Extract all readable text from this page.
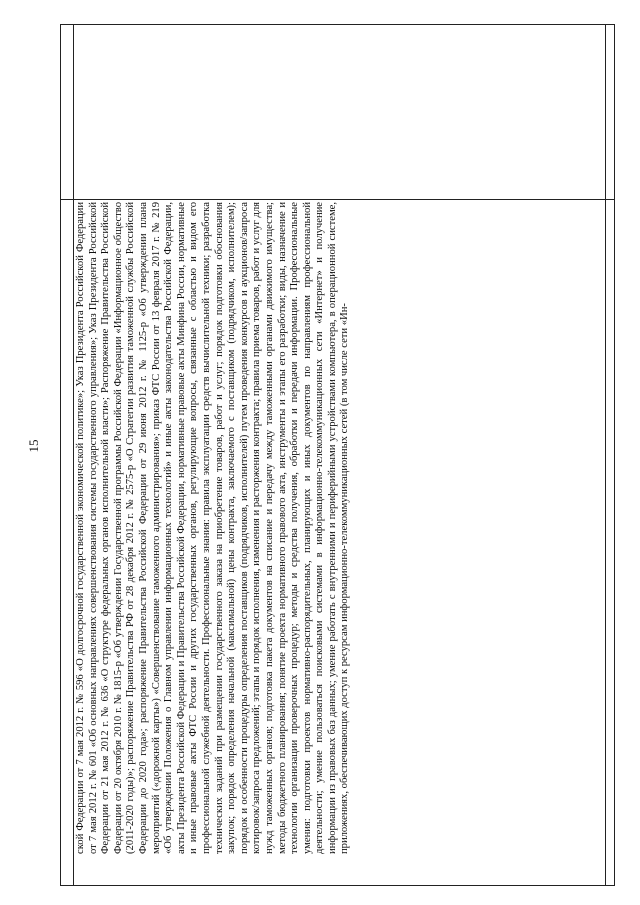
15	ской Федерации от 7 мая 2012 г. № 596 «О долгосрочной государственной экономической политике»; Указ Президента Российской Федерации от 7 мая 2012 г. № 601 «Об основных направлениях совершенствования системы государственного управления»; Указ Президента Российской Федерации от 21 мая 2012 г. № 636 «О структуре федеральных органов исполнительной власти»; Распоряжение Правительства Российской Федерации от 20 октября 2010 г. № 1815-р «Об утверждении Государственной программы Российской Федерации «Информационное общество (2011-2020 годы)»; распоряжение Правительства РФ от 28 декабря 2012 г. № 2575-р «О Стратегии развития таможенной службы Российской Федерации до 2020 года»; распоряжение Правительства Российской Федерации от 29 июня 2012 г. № 1125-р «Об утверждении плана мероприятий («дорожной карты») «Совершенствование таможенного администрирования»; приказ ФТС России от 13 февраля 2017 г. № 219 «Об утверждении Положения о Главном управлении информационных технологий» и иные акты законодательства Российской Федерации, акты Президента Российской Федерации и Правительства Российской Федерации, нормативные правовые акты Минфина России, нормативные и иные правовые акты ФТС России и других государственных органов, регулирующие вопросы, связанные с областью и видом его профессиональной служебной деятельности. Профессиональные знания: правила эксплуатации средств вычислительной техники; разработка технических заданий при размещении государственного заказа на приобретение товаров, работ и услуг; порядок подготовки обоснования закупок; порядок определения начальной (максимальной) цены контракта, заключаемого с поставщиком (подрядчиком, исполнителем); порядок и особенности процедуры определения поставщиков (подрядчиков, исполнителей) путем проведения конкурсов и аукционов/запроса котировок/запроса предложений; этапы и порядок исполнения, изменения и расторжения контракта; правила приема товаров, работ и услуг для нужд таможенных органов; подготовка пакета документов на списание и передачу между таможенными органами движимого имущества; методы бюджетного планирования; понятие проекта нормативного правового акта, инструменты и этапы его разработки; виды, назначение и технологии организации проверочных процедур; методы и средства получения, обработки и передачи информации. Профессиональные умения: подготовки проектов нормативно-распорядительных, планирующих и иных документов по направлениям профессиональной деятельности; умение пользоваться поисковыми системами в информационно-телекоммуникационных сети «Интернет» и получение информации из правовых баз данных; умение работать с внутренними и периферийными устройствами компьютера, в операционной системе, приложениях, обеспечивающих доступ к ресурсам информационно-телекоммуникационных сетей (в том числе сети «Ин-
